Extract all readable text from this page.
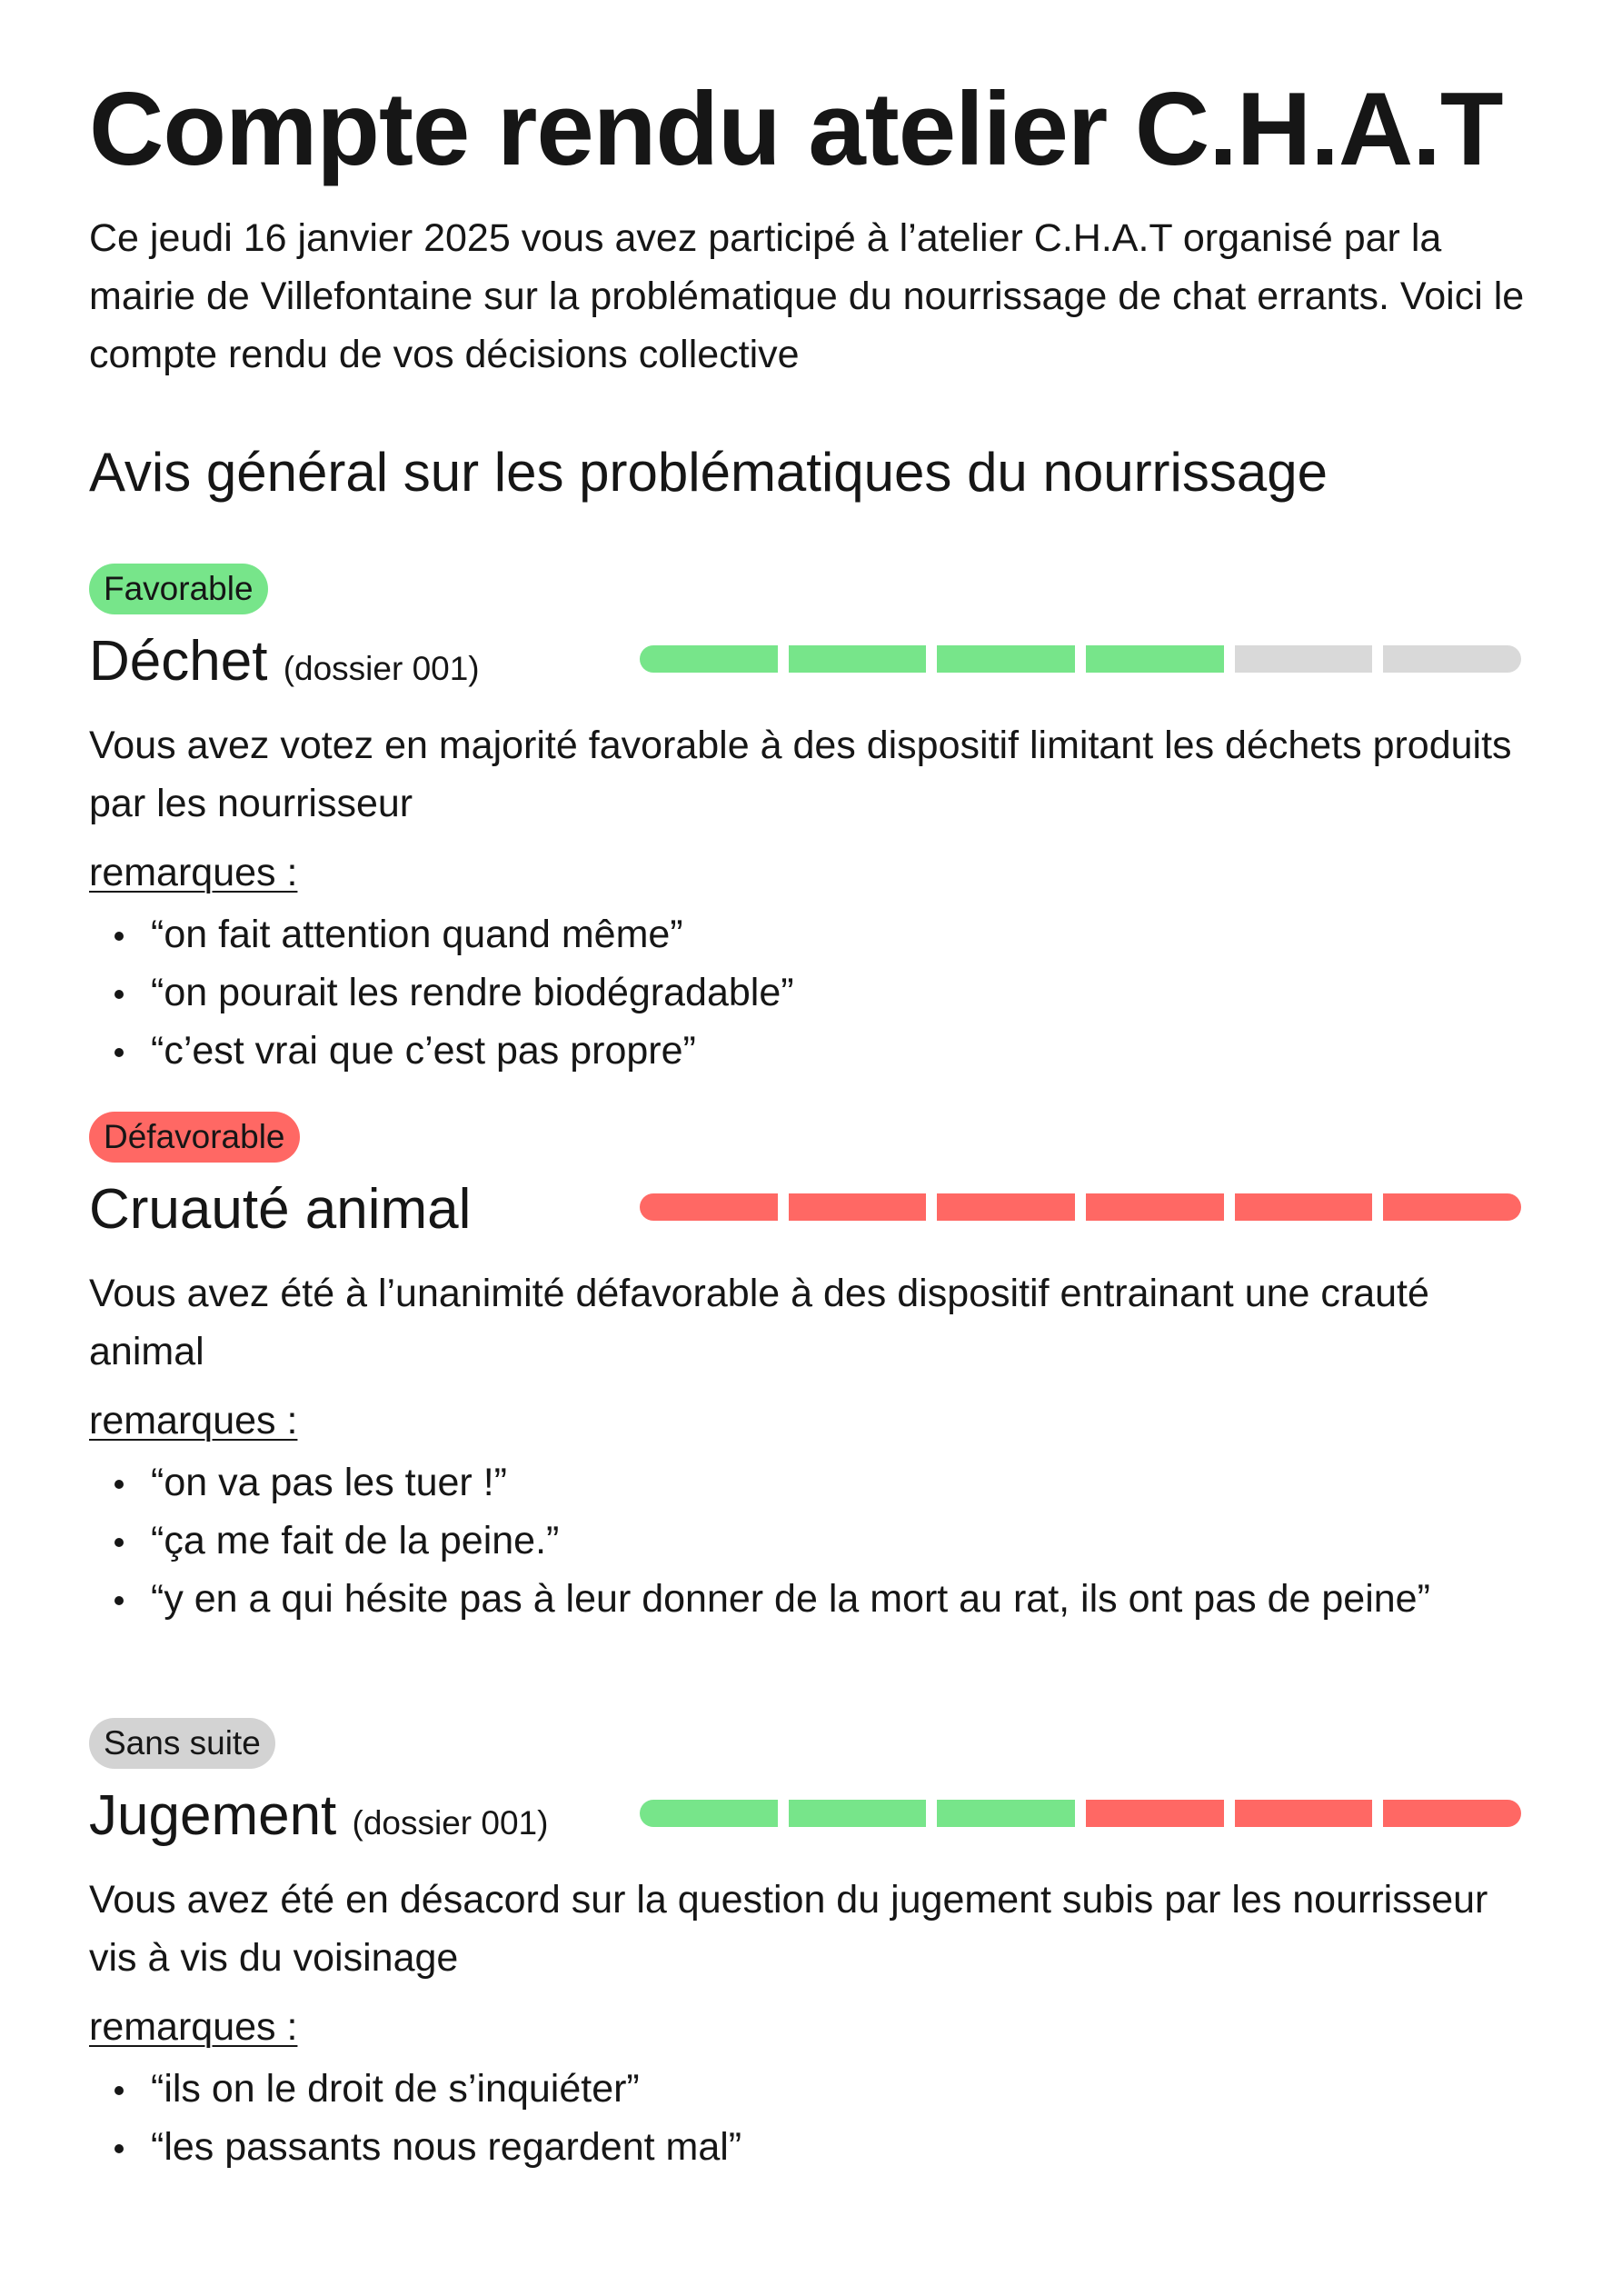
Compte rendu atelier C.H.A.T

Ce jeudi 16 janvier 2025 vous avez participé à l’atelier C.H.A.T organisé par la mairie de Villefontaine sur la problématique du nourrissage de chat errants. Voici le compte rendu de vos décisions collective

Avis général sur les problématiques du nourrissage
Favorable
Déchet (dossier 001)

Vous avez votez en majorité favorable à des dispositif limitant les déchets produits par les nourrisseur

remarques :

“on fait attention quand même”
“on pourait les rendre biodégradable”
“c’est vrai que c’est pas propre”
Défavorable
Cruauté animal

Vous avez été à l’unanimité défavorable à des dispositif entrainant une crauté animal

remarques :

“on va pas les tuer !”
“ça me fait de la peine.”
“y en a qui hésite pas à leur donner de la mort au rat, ils ont pas de peine”
Sans suite
Jugement (dossier 001)

Vous avez été en désacord sur la question du jugement subis par les nourrisseur vis à vis du voisinage

remarques :

“ils on le droit de s’inquiéter”
“les passants nous regardent mal”
